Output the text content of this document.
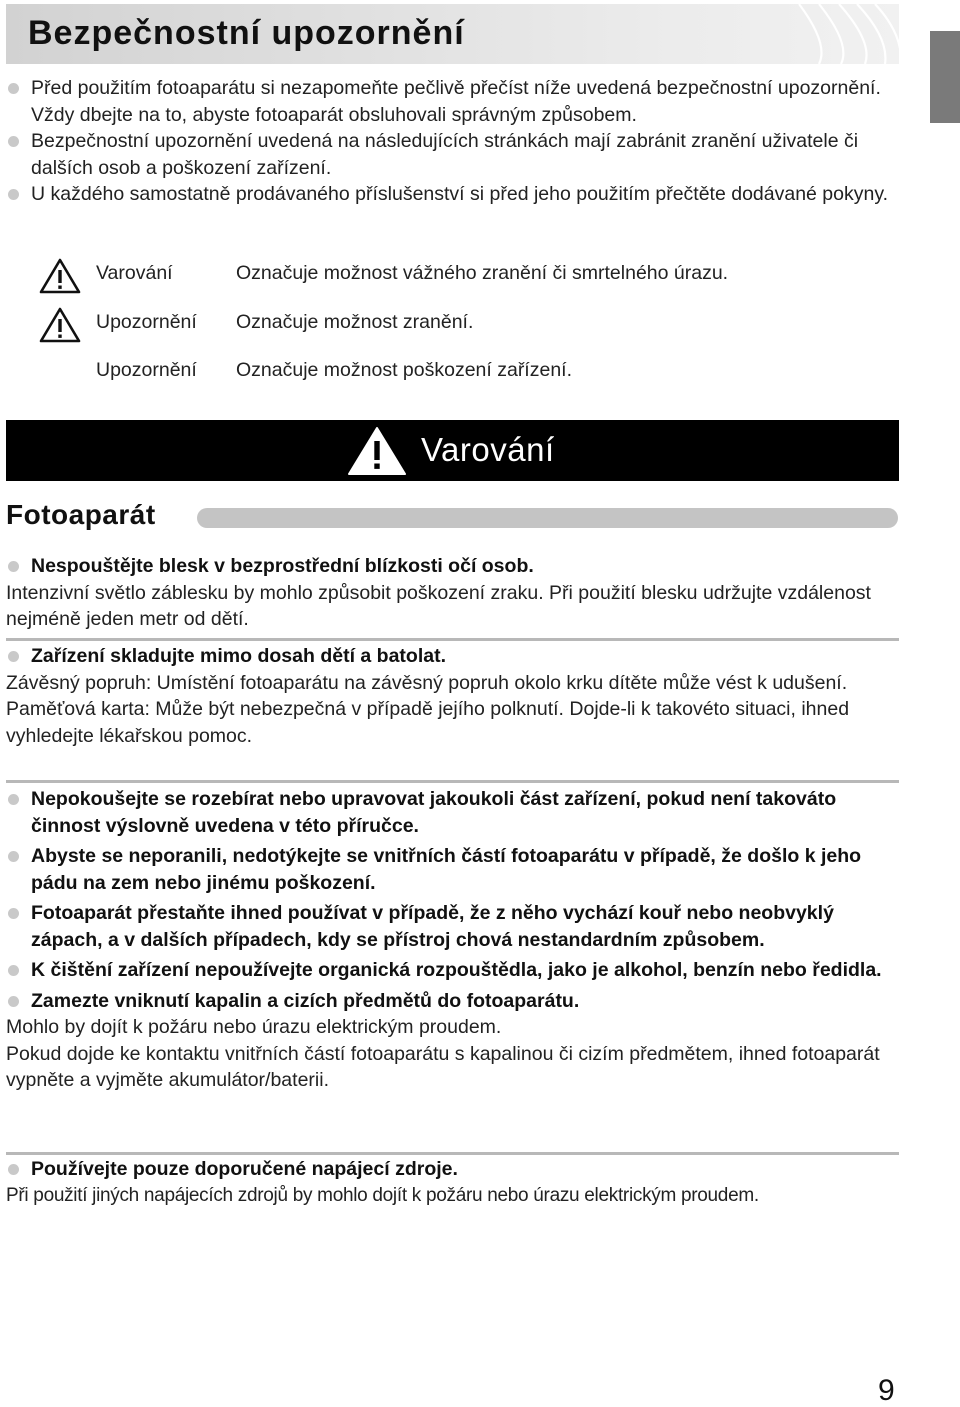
Bezpečnostní upozornění
Před použitím fotoaparátu si nezapomeňte pečlivě přečíst níže uvedená bezpečnostní upozornění. Vždy dbejte na to, abyste fotoaparát obsluhovali správným způsobem.
Bezpečnostní upozornění uvedená na následujících stránkách mají zabránit zranění uživatele či dalších osob a poškození zařízení.
U každého samostatně prodávaného příslušenství si před jeho použitím přečtěte dodávané pokyny.
Varování	Označuje možnost vážného zranění či smrtelného úrazu.
Upozornění Označuje možnost zranění.
Upozornění Označuje možnost poškození zařízení.
Varování
Fotoaparát
Nespouštějte blesk v bezprostřední blízkosti očí osob.
Intenzivní světlo záblesku by mohlo způsobit poškození zraku. Při použití blesku udržujte vzdálenost nejméně jeden metr od dětí.
Zařízení skladujte mimo dosah dětí a batolat.
Závěsný popruh: Umístění fotoaparátu na závěsný popruh okolo krku dítěte může vést k udušení.
Paměťová karta: Může být nebezpečná v případě jejího polknutí. Dojde-li k takovéto situaci, ihned vyhledejte lékařskou pomoc.
Nepokoušejte se rozebírat nebo upravovat jakoukoli část zařízení, pokud není takováto činnost výslovně uvedena v této příručce.
Abyste se neporanili, nedotýkejte se vnitřních částí fotoaparátu v případě, že došlo k jeho pádu na zem nebo jinému poškození.
Fotoaparát přestaňte ihned používat v případě, že z něho vychází kouř nebo neobvyklý zápach, a v dalších případech, kdy se přístroj chová nestandardním způsobem.
K čištění zařízení nepoužívejte organická rozpouštědla, jako je alkohol, benzín nebo ředidla.
Zamezte vniknutí kapalin a cizích předmětů do fotoaparátu.
Mohlo by dojít k požáru nebo úrazu elektrickým proudem.
Pokud dojde ke kontaktu vnitřních částí fotoaparátu s kapalinou či cizím předmětem, ihned fotoaparát vypněte a vyjměte akumulátor/baterii.
Používejte pouze doporučené napájecí zdroje.
Při použití jiných napájecích zdrojů by mohlo dojít k požáru nebo úrazu elektrickým proudem.
9
